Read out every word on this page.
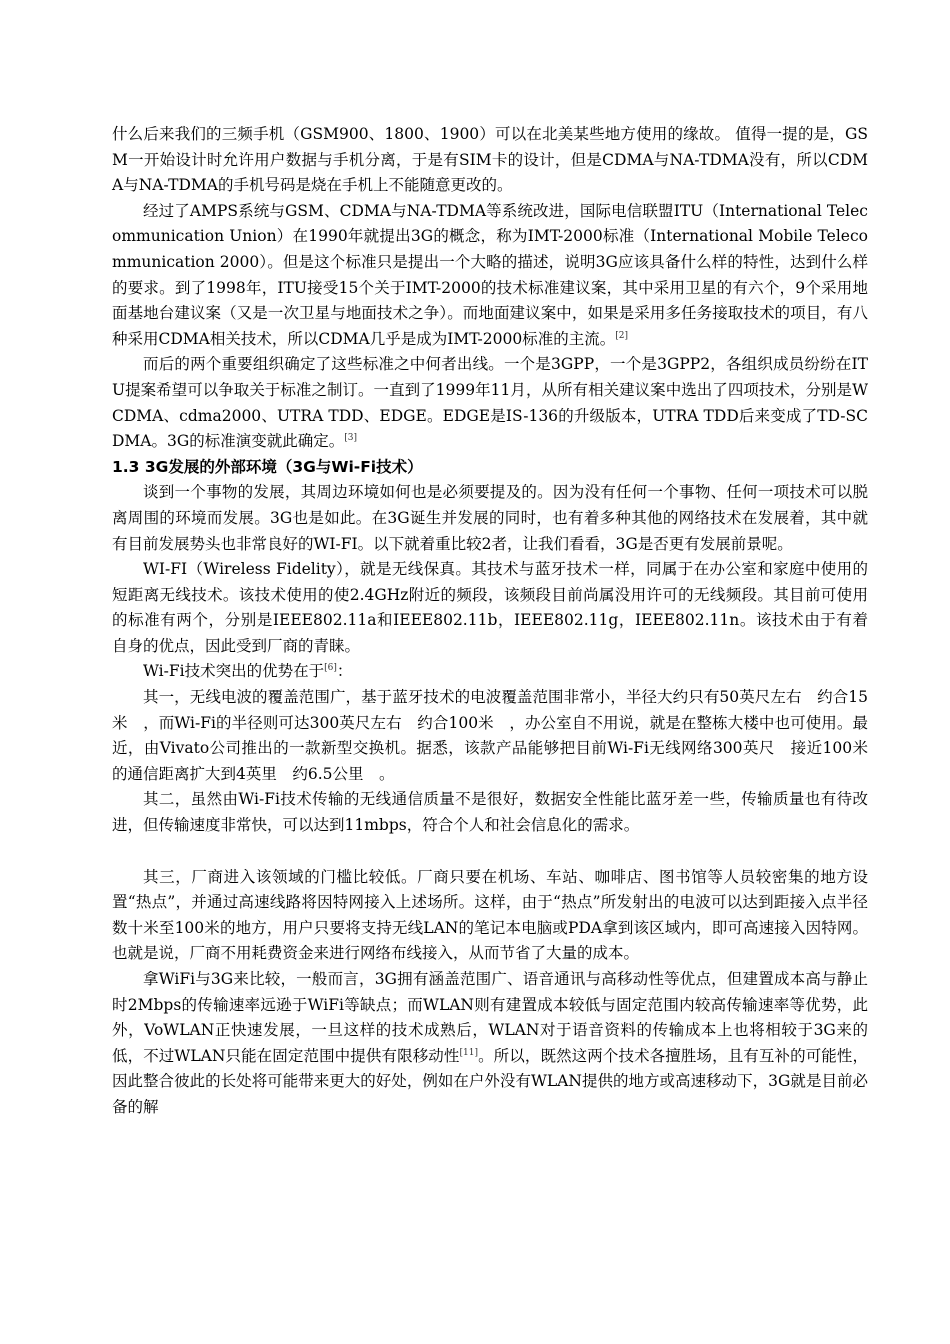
什么后来我们的三频手机（GSM900、1800、1900）可以在北美某些地方使用的缘故。 值得一提的是，GSM一开始设计时允许用户数据与手机分离，于是有SIM卡的设计，但是CDMA与NA-TDMA没有，所以CDMA与NA-TDMA的手机号码是烧在手机上不能随意更改的。

经过了AMPS系统与GSM、CDMA与NA-TDMA等系统改进，国际电信联盟ITU（International Telecommunication Union）在1990年就提出3G的概念，称为IMT-2000标准（International Mobile Telecommunication 2000）。但是这个标准只是提出一个大略的描述，说明3G应该具备什么样的特性，达到什么样的要求。到了1998年，ITU接受15个关于IMT-2000的技术标准建议案，其中采用卫星的有六个，9个采用地面基地台建议案（又是一次卫星与地面技术之争）。而地面建议案中，如果是采用多任务接取技术的项目，有八种采用CDMA相关技术，所以CDMA几乎是成为IMT-2000标准的主流。[2]

而后的两个重要组织确定了这些标准之中何者出线。一个是3GPP，一个是3GPP2，各组织成员纷纷在ITU提案希望可以争取关于标准之制订。一直到了1999年11月，从所有相关建议案中选出了四项技术，分别是WCDMA、cdma2000、UTRA TDD、EDGE。EDGE是IS-136的升级版本，UTRA TDD后来变成了TD-SCDMA。3G的标准演变就此确定。[3]

1.3 3G发展的外部环境（3G与Wi-Fi技术）

谈到一个事物的发展，其周边环境如何也是必须要提及的。因为没有任何一个事物、任何一项技术可以脱离周围的环境而发展。3G也是如此。在3G诞生并发展的同时，也有着多种其他的网络技术在发展着，其中就有目前发展势头也非常良好的WI-FI。以下就着重比较2者，让我们看看，3G是否更有发展前景呢。

WI-FI（Wireless Fidelity），就是无线保真。其技术与蓝牙技术一样，同属于在办公室和家庭中使用的短距离无线技术。该技术使用的使2.4GHz附近的频段，该频段目前尚属没用许可的无线频段。其目前可使用的标准有两个，分别是IEEE802.11a和IEEE802.11b，IEEE802.11g，IEEE802.11n。该技术由于有着自身的优点，因此受到厂商的青睐。

Wi-Fi技术突出的优势在于[6]：

其一，无线电波的覆盖范围广，基于蓝牙技术的电波覆盖范围非常小，半径大约只有50英尺左右　约合15米　，而Wi-Fi的半径则可达300英尺左右　约合100米　，办公室自不用说，就是在整栋大楼中也可使用。最近，由Vivato公司推出的一款新型交换机。据悉，该款产品能够把目前Wi-Fi无线网络300英尺　接近100米　的通信距离扩大到4英里　约6.5公里　。

其二，虽然由Wi-Fi技术传输的无线通信质量不是很好，数据安全性能比蓝牙差一些，传输质量也有待改进，但传输速度非常快，可以达到11mbps，符合个人和社会信息化的需求。

其三，厂商进入该领域的门槛比较低。厂商只要在机场、车站、咖啡店、图书馆等人员较密集的地方设置“热点”，并通过高速线路将因特网接入上述场所。这样，由于“热点”所发射出的电波可以达到距接入点半径数十米至100米的地方，用户只要将支持无线LAN的笔记本电脑或PDA拿到该区域内，即可高速接入因特网。也就是说，厂商不用耗费资金来进行网络布线接入，从而节省了大量的成本。

拿WiFi与3G来比较，一般而言，3G拥有涵盖范围广、语音通讯与高移动性等优点，但建置成本高与静止时2Mbps的传输速率远逊于WiFi等缺点；而WLAN则有建置成本较低与固定范围内较高传输速率等优势，此外，VoWLAN正快速发展，一旦这样的技术成熟后，WLAN对于语音资料的传输成本上也将相较于3G来的低，不过WLAN只能在固定范围中提供有限移动性[11]。所以，既然这两个技术各擅胜场，且有互补的可能性，因此整合彼此的长处将可能带来更大的好处，例如在户外没有WLAN提供的地方或高速移动下，3G就是目前必备的解
